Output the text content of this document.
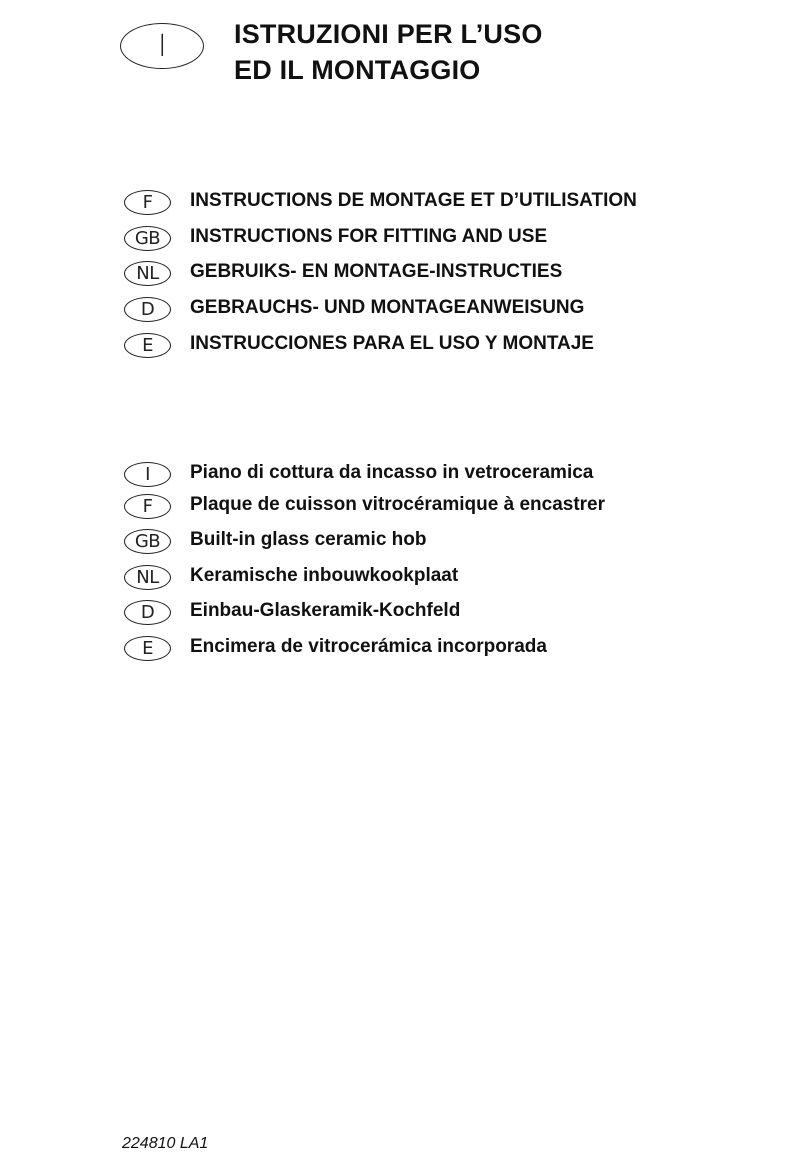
I	ISTRUZIONI PER L’USO
ED IL MONTAGGIO
F	INSTRUCTIONS DE MONTAGE ET D’UTILISATION
GB	INSTRUCTIONS FOR FITTING AND USE
NL	GEBRUIKS- EN MONTAGE-INSTRUCTIES
D	GEBRAUCHS- UND MONTAGEANWEISUNG
E	INSTRUCCIONES PARA EL USO Y MONTAJE
I	Piano di cottura da incasso in vetroceramica
F	Plaque de cuisson vitrocéramique à encastrer
GB	Built-in glass ceramic hob
NL	Keramische inbouwkookplaat
D	Einbau-Glaskeramik-Kochfeld
E	Encimera de vitrocerámica incorporada
224810 LA1
